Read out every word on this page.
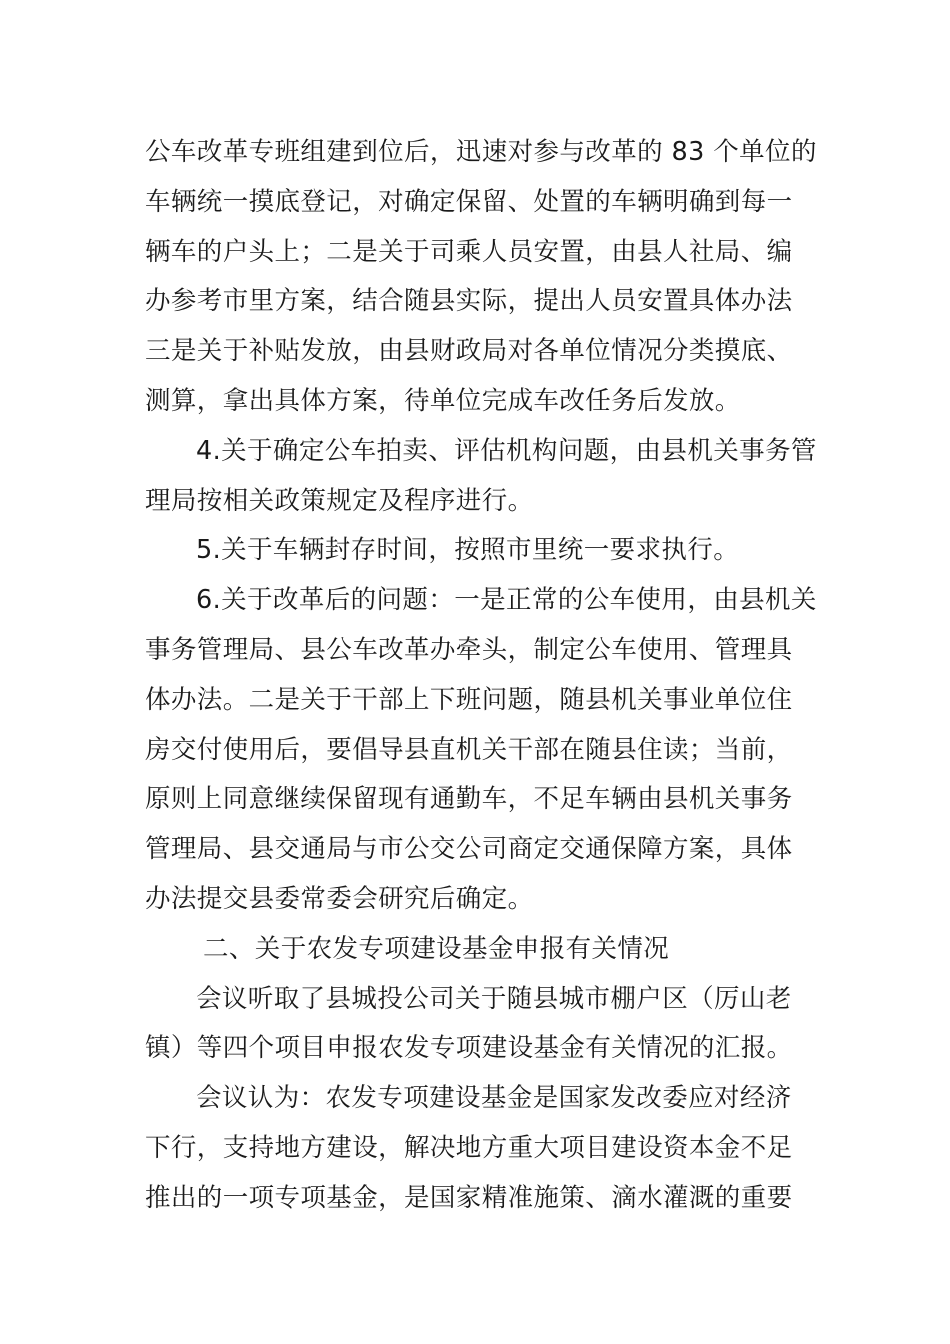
公车改革专班组建到位后，迅速对参与改革的 83 个单位的
车辆统一摸底登记，对确定保留、处置的车辆明确到每一
辆车的户头上；二是关于司乘人员安置，由县人社局、编
办参考市里方案，结合随县实际，提出人员安置具体办法
三是关于补贴发放，由县财政局对各单位情况分类摸底、
测算，拿出具体方案，待单位完成车改任务后发放。
4.关于确定公车拍卖、评估机构问题，由县机关事务管
理局按相关政策规定及程序进行。
5.关于车辆封存时间，按照市里统一要求执行。
6.关于改革后的问题：一是正常的公车使用，由县机关
事务管理局、县公车改革办牵头，制定公车使用、管理具
体办法。二是关于干部上下班问题，随县机关事业单位住
房交付使用后，要倡导县直机关干部在随县住读；当前，
原则上同意继续保留现有通勤车，不足车辆由县机关事务
管理局、县交通局与市公交公司商定交通保障方案，具体
办法提交县委常委会研究后确定。
二、关于农发专项建设基金申报有关情况
会议听取了县城投公司关于随县城市棚户区（厉山老
镇）等四个项目申报农发专项建设基金有关情况的汇报。
会议认为：农发专项建设基金是国家发改委应对经济
下行，支持地方建设，解决地方重大项目建设资本金不足
推出的一项专项基金，是国家精准施策、滴水灌溉的重要
